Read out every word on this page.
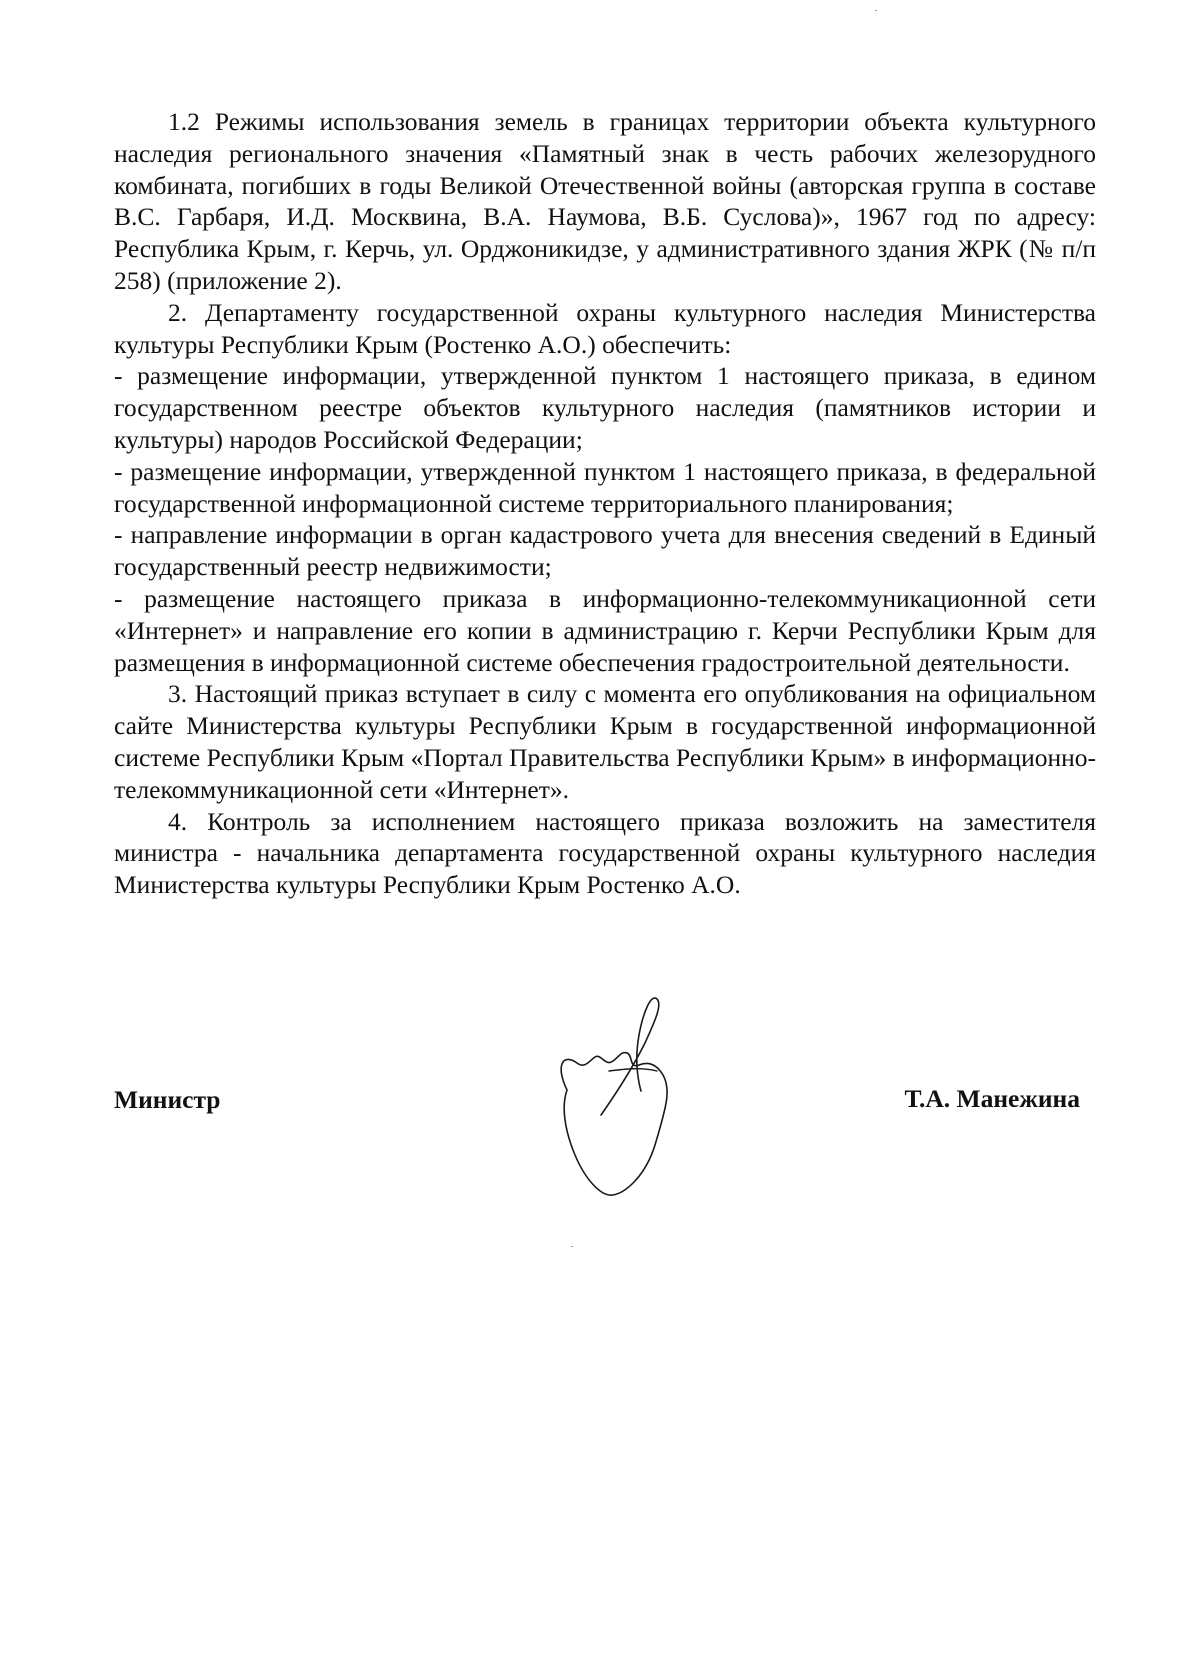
1.2 Режимы использования земель в границах территории объекта культурного наследия регионального значения «Памятный знак в честь рабочих железорудного комбината, погибших в годы Великой Отечественной войны (авторская группа в составе В.С. Гарбаря, И.Д. Москвина, В.А. Наумова, В.Б. Суслова)», 1967 год по адресу: Республика Крым, г. Керчь, ул. Орджоникидзе, у административного здания ЖРК (№ п/п 258) (приложение 2).

2. Департаменту государственной охраны культурного наследия Министерства культуры Республики Крым (Ростенко А.О.) обеспечить:

- размещение информации, утвержденной пунктом 1 настоящего приказа, в едином государственном реестре объектов культурного наследия (памятников истории и культуры) народов Российской Федерации;

- размещение информации, утвержденной пунктом 1 настоящего приказа, в федеральной государственной информационной системе территориального планирования;

- направление информации в орган кадастрового учета для внесения сведений в Единый государственный реестр недвижимости;

- размещение настоящего приказа в информационно-телекоммуникационной сети «Интернет» и направление его копии в администрацию г. Керчи Республики Крым для размещения в информационной системе обеспечения градостроительной деятельности.

3. Настоящий приказ вступает в силу с момента его опубликования на официальном сайте Министерства культуры Республики Крым в государственной информационной системе Республики Крым «Портал Правительства Республики Крым» в информационно-телекоммуникационной сети «Интернет».

4. Контроль за исполнением настоящего приказа возложить на заместителя министра - начальника департамента государственной охраны культурного наследия Министерства культуры Республики Крым Ростенко А.О.

Министр	Т.А. Манежина
